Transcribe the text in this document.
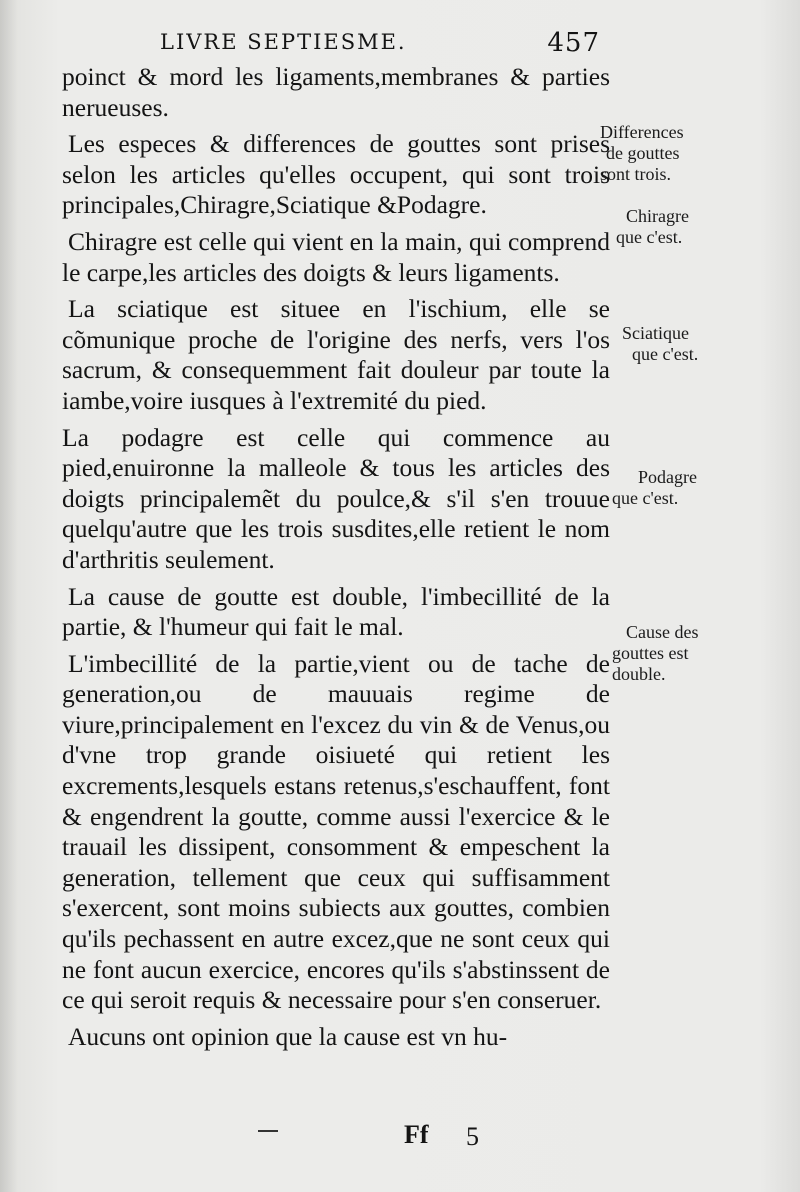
LIVRE SEPTIESME.	457

poinct & mord les ligaments,membranes & parties nerueuses.

Les especes & differences de gouttes sont prises selon les articles qu'elles occupent, qui sont trois principales,Chiragre,Sciatique &Podagre.

Chiragre est celle qui vient en la main, qui comprend le carpe,les articles des doigts & leurs ligaments.

La sciatique est situee en l'ischium, elle se cõmunique proche de l'origine des nerfs, vers l'os sacrum, & consequemment fait douleur par toute la iambe,voire iusques à l'extremité du pied.

La podagre est celle qui commence au pied,enuironne la malleole & tous les articles des doigts principalemẽt du poulce,& s'il s'en trouue quelqu'autre que les trois susdites,elle retient le nom d'arthritis seulement.

La cause de goutte est double, l'imbecillité de la partie, & l'humeur qui fait le mal.

L'imbecillité de la partie,vient ou de tache de generation,ou de mauuais regime de viure,principalement en l'excez du vin & de Venus,ou d'vne trop grande oisiueté qui retient les excrements,lesquels estans retenus,s'eschauffent, font & engendrent la goutte, comme aussi l'exercice & le trauail les dissipent, consomment & empeschent la generation, tellement que ceux qui suffisamment s'exercent, sont moins subiects aux gouttes, combien qu'ils pechassent en autre excez,que ne sont ceux qui ne font aucun exercice, encores qu'ils s'abstinssent de ce qui seroit requis & necessaire pour s'en conseruer.

Aucuns ont opinion que la cause est vn hu-

Differences
de gouttes
sont trois.
Chiragre
que c'est.
Sciatique
que c'est.
Podagre
que c'est.
Cause des
gouttes est
double.
Ff 5
